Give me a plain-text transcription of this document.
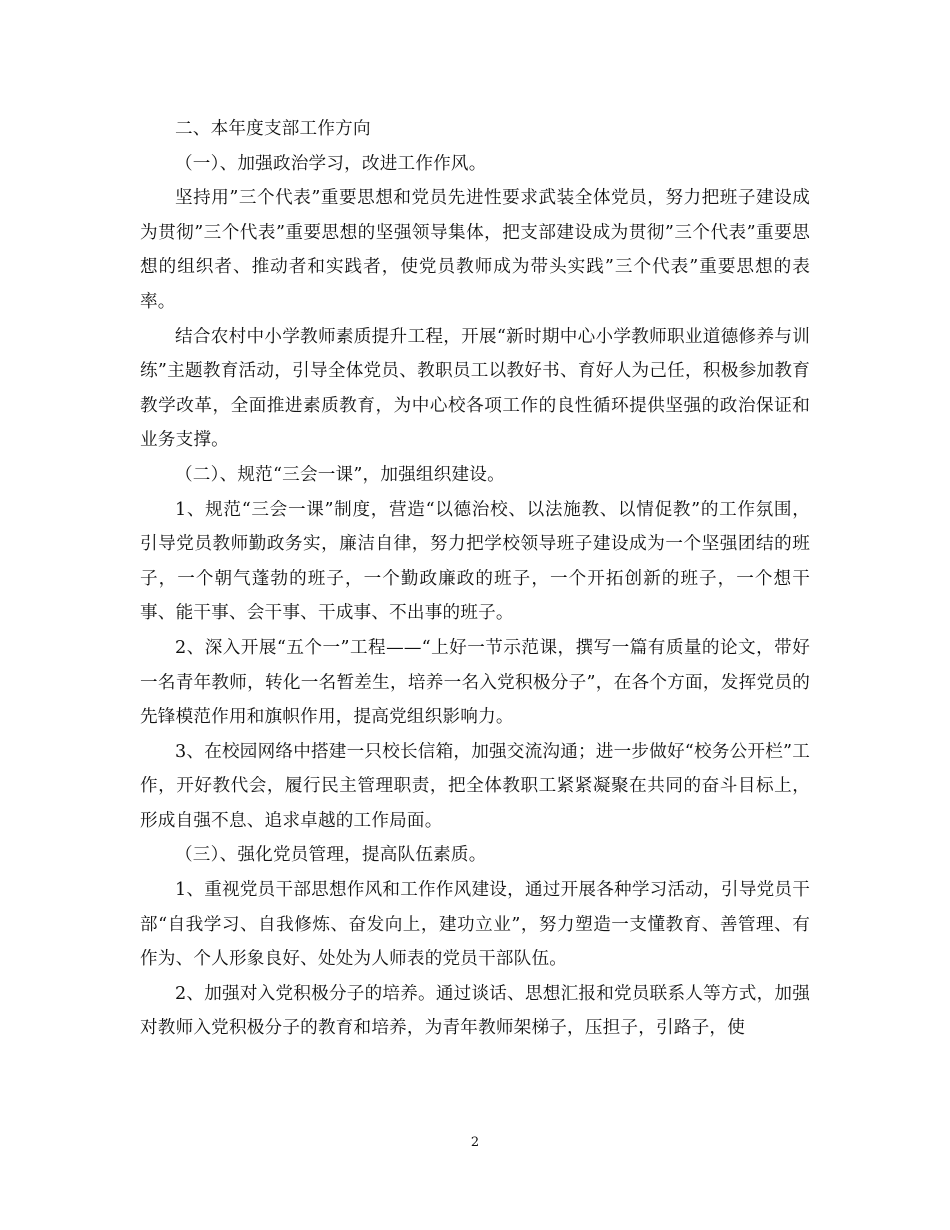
二、本年度支部工作方向

（一）、加强政治学习，改进工作作风。

坚持用”三个代表”重要思想和党员先进性要求武装全体党员，努力把班子建设成为贯彻”三个代表”重要思想的坚强领导集体，把支部建设成为贯彻”三个代表”重要思想的组织者、推动者和实践者，使党员教师成为带头实践”三个代表”重要思想的表率。

结合农村中小学教师素质提升工程，开展“新时期中心小学教师职业道德修养与训练”主题教育活动，引导全体党员、教职员工以教好书、育好人为己任，积极参加教育教学改革，全面推进素质教育，为中心校各项工作的良性循环提供坚强的政治保证和业务支撑。

（二）、规范“三会一课”，加强组织建设。

1、规范“三会一课”制度，营造“以德治校、以法施教、以情促教”的工作氛围，引导党员教师勤政务实，廉洁自律，努力把学校领导班子建设成为一个坚强团结的班子，一个朝气蓬勃的班子，一个勤政廉政的班子，一个开拓创新的班子，一个想干事、能干事、会干事、干成事、不出事的班子。

2、深入开展“五个一”工程——“上好一节示范课，撰写一篇有质量的论文，带好一名青年教师，转化一名暂差生，培养一名入党积极分子”，在各个方面，发挥党员的先锋模范作用和旗帜作用，提高党组织影响力。

3、在校园网络中搭建一只校长信箱，加强交流沟通；进一步做好“校务公开栏”工作，开好教代会，履行民主管理职责，把全体教职工紧紧凝聚在共同的奋斗目标上，形成自强不息、追求卓越的工作局面。

（三）、强化党员管理，提高队伍素质。

1、重视党员干部思想作风和工作作风建设，通过开展各种学习活动，引导党员干部“自我学习、自我修炼、奋发向上，建功立业”，努力塑造一支懂教育、善管理、有作为、个人形象良好、处处为人师表的党员干部队伍。

2、加强对入党积极分子的培养。通过谈话、思想汇报和党员联系人等方式，加强对教师入党积极分子的教育和培养，为青年教师架梯子，压担子，引路子，使

2
